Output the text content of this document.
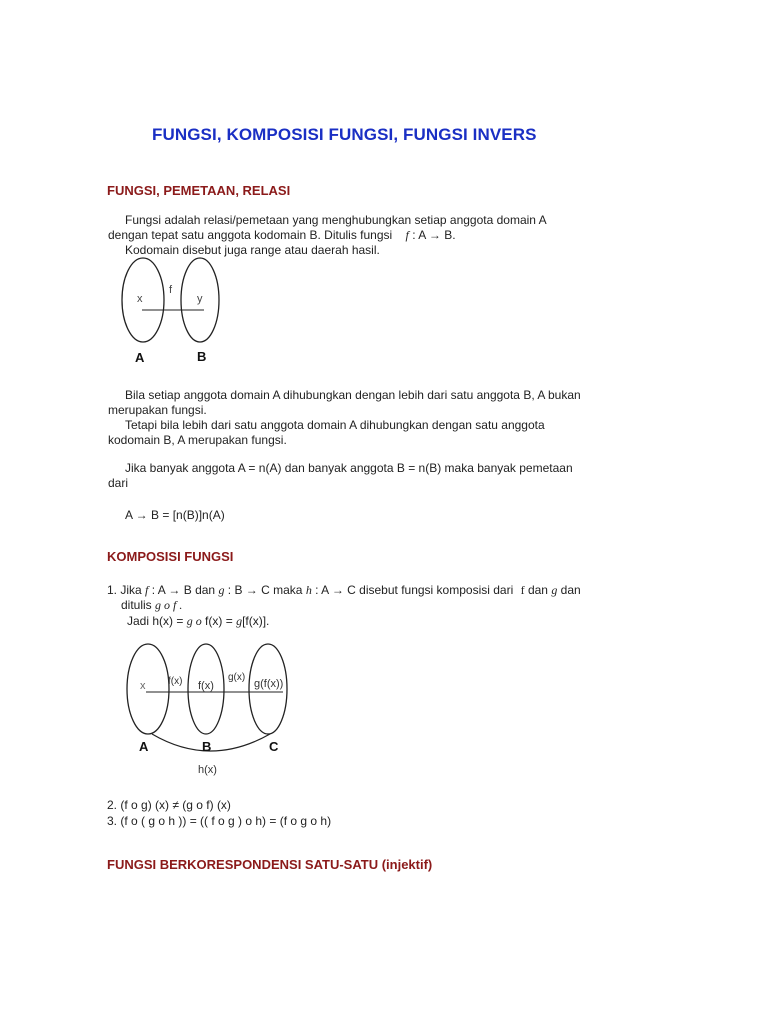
FUNGSI, KOMPOSISI FUNGSI, FUNGSI INVERS
FUNGSI, PEMETAAN, RELASI
Fungsi adalah relasi/pemetaan yang menghubungkan setiap anggota domain A
dengan tepat satu anggota kodomain B. Ditulis fungsi f : A → B.
Kodomain disebut juga range atau daerah hasil.
x	y
f
A	B
Bila setiap anggota domain A dihubungkan dengan lebih dari satu anggota B, A bukan
merupakan fungsi.
Tetapi bila lebih dari satu anggota domain A dihubungkan dengan satu anggota
kodomain B, A merupakan fungsi.
Jika banyak anggota A = n(A) dan banyak anggota B = n(B) maka banyak pemetaan
dari
A → B = [n(B)]n(A)
KOMPOSISI FUNGSI
1. Jika f : A → B dan g : B → C maka h : A → C disebut fungsi komposisi dari f dan g dan
ditulis g o f .
Jadi h(x) = g o f(x) = g[f(x)].
x f(x) f(x)
g(x)
g(f(x))
A	B	C
h(x)
2. (f o g) (x) ≠ (g o f) (x)
3. (f o ( g o h )) = (( f o g ) o h) = (f o g o h)
FUNGSI BERKORESPONDENSI SATU-SATU (injektif)
